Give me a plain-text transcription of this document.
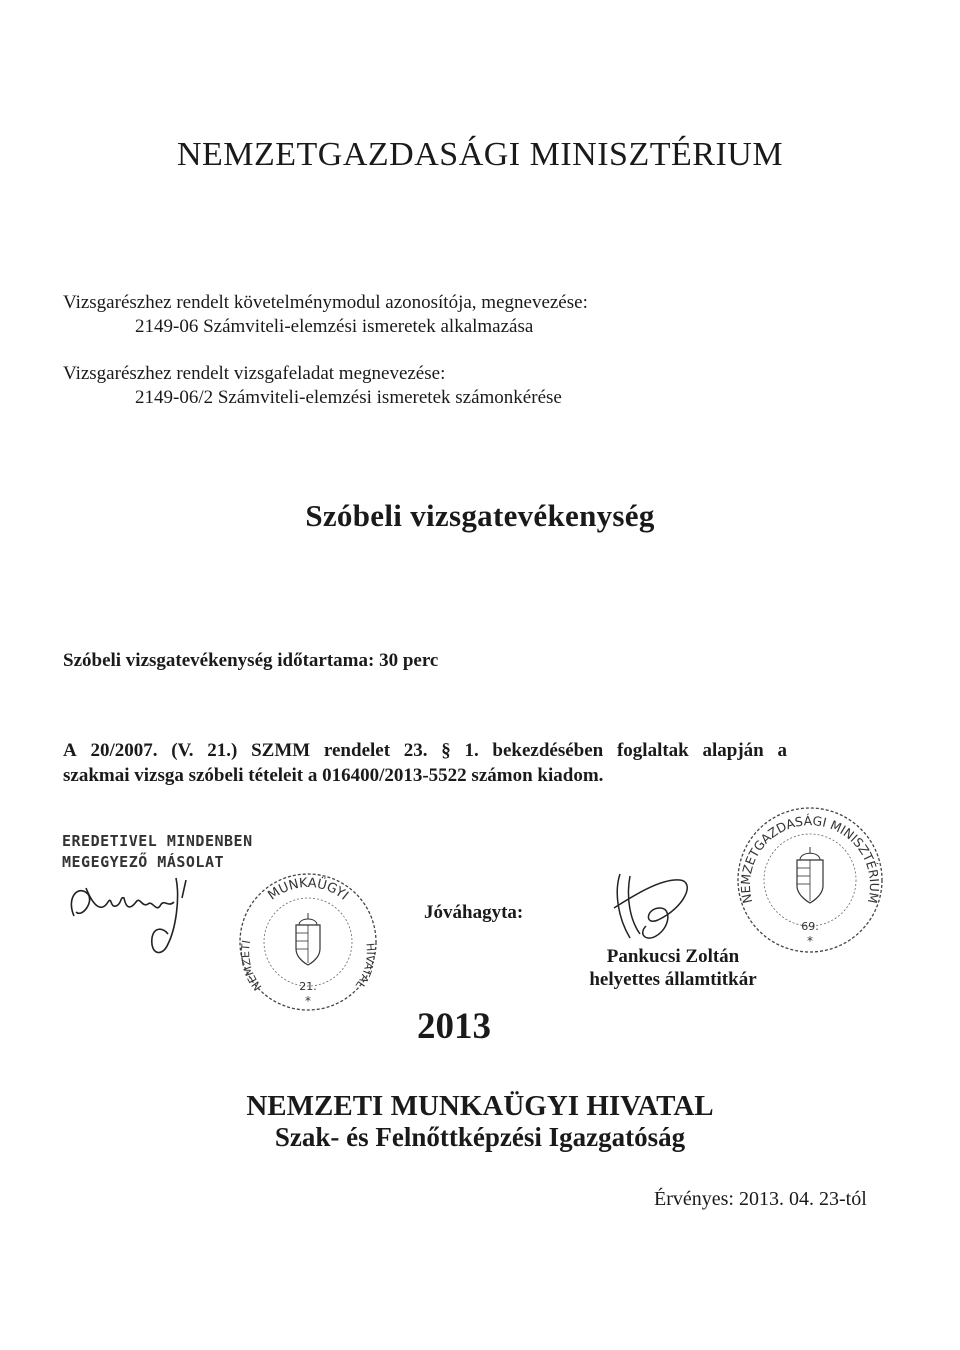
NEMZETGAZDASÁGI MINISZTÉRIUM
Vizsgarészhez rendelt követelménymodul azonosítója, megnevezése:
2149-06 Számviteli-elemzési ismeretek alkalmazása
Vizsgarészhez rendelt vizsgafeladat megnevezése:
2149-06/2 Számviteli-elemzési ismeretek számonkérése
Szóbeli vizsgatevékenység
Szóbeli vizsgatevékenység időtartama: 30 perc
A 20/2007. (V. 21.) SZMM rendelet 23. § 1. bekezdésében foglaltak alapján a
szakmai vizsga szóbeli tételeit a 016400/2013-5522 számon kiadom.
EREDETIVEL MINDENBEN
MEGEGYEZŐ MÁSOLAT
MUNKAÜGYI
NEMZETI
HIVATAL
21.
*
Jóváhagyta:
Pankucsi Zoltán
helyettes államtitkár
NEMZETGAZDASÁGI MINISZTÉRIUM
69.
*
2013
NEMZETI MUNKAÜGYI HIVATAL
Szak- és Felnőttképzési Igazgatóság
Érvényes: 2013. 04. 23-tól
